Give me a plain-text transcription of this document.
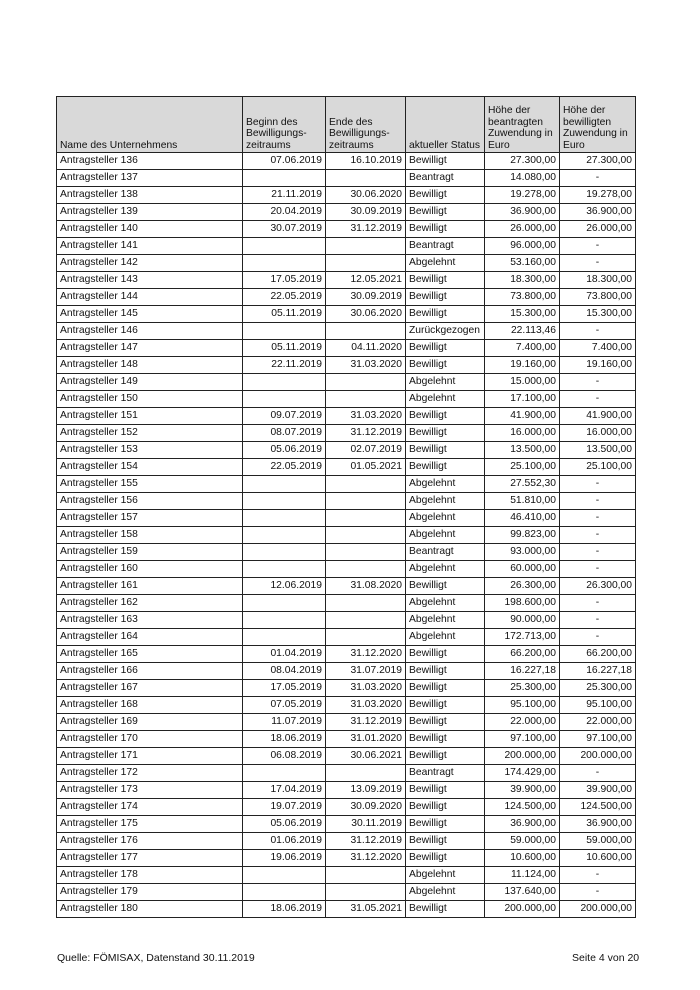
Name des Unternehmens	Beginn des
Bewilligungs-
zeitraums	Ende des
Bewilligungs-
zeitraums	aktueller Status	Höhe der
beantragten
Zuwendung in
Euro	Höhe der
bewilligten
Zuwendung in
Euro

Antragsteller 136	07.06.2019	16.10.2019	Bewilligt	27.300,00	27.300,00
Antragsteller 137			Beantragt	14.080,00	-
Antragsteller 138	21.11.2019	30.06.2020	Bewilligt	19.278,00	19.278,00
Antragsteller 139	20.04.2019	30.09.2019	Bewilligt	36.900,00	36.900,00
Antragsteller 140	30.07.2019	31.12.2019	Bewilligt	26.000,00	26.000,00
Antragsteller 141			Beantragt	96.000,00	-
Antragsteller 142			Abgelehnt	53.160,00	-
Antragsteller 143	17.05.2019	12.05.2021	Bewilligt	18.300,00	18.300,00
Antragsteller 144	22.05.2019	30.09.2019	Bewilligt	73.800,00	73.800,00
Antragsteller 145	05.11.2019	30.06.2020	Bewilligt	15.300,00	15.300,00
Antragsteller 146			Zurückgezogen	22.113,46	-
Antragsteller 147	05.11.2019	04.11.2020	Bewilligt	7.400,00	7.400,00
Antragsteller 148	22.11.2019	31.03.2020	Bewilligt	19.160,00	19.160,00
Antragsteller 149			Abgelehnt	15.000,00	-
Antragsteller 150			Abgelehnt	17.100,00	-
Antragsteller 151	09.07.2019	31.03.2020	Bewilligt	41.900,00	41.900,00
Antragsteller 152	08.07.2019	31.12.2019	Bewilligt	16.000,00	16.000,00
Antragsteller 153	05.06.2019	02.07.2019	Bewilligt	13.500,00	13.500,00
Antragsteller 154	22.05.2019	01.05.2021	Bewilligt	25.100,00	25.100,00
Antragsteller 155			Abgelehnt	27.552,30	-
Antragsteller 156			Abgelehnt	51.810,00	-
Antragsteller 157			Abgelehnt	46.410,00	-
Antragsteller 158			Abgelehnt	99.823,00	-
Antragsteller 159			Beantragt	93.000,00	-
Antragsteller 160			Abgelehnt	60.000,00	-
Antragsteller 161	12.06.2019	31.08.2020	Bewilligt	26.300,00	26.300,00
Antragsteller 162			Abgelehnt	198.600,00	-
Antragsteller 163			Abgelehnt	90.000,00	-
Antragsteller 164			Abgelehnt	172.713,00	-
Antragsteller 165	01.04.2019	31.12.2020	Bewilligt	66.200,00	66.200,00
Antragsteller 166	08.04.2019	31.07.2019	Bewilligt	16.227,18	16.227,18
Antragsteller 167	17.05.2019	31.03.2020	Bewilligt	25.300,00	25.300,00
Antragsteller 168	07.05.2019	31.03.2020	Bewilligt	95.100,00	95.100,00
Antragsteller 169	11.07.2019	31.12.2019	Bewilligt	22.000,00	22.000,00
Antragsteller 170	18.06.2019	31.01.2020	Bewilligt	97.100,00	97.100,00
Antragsteller 171	06.08.2019	30.06.2021	Bewilligt	200.000,00	200.000,00
Antragsteller 172			Beantragt	174.429,00	-
Antragsteller 173	17.04.2019	13.09.2019	Bewilligt	39.900,00	39.900,00
Antragsteller 174	19.07.2019	30.09.2020	Bewilligt	124.500,00	124.500,00
Antragsteller 175	05.06.2019	30.11.2019	Bewilligt	36.900,00	36.900,00
Antragsteller 176	01.06.2019	31.12.2019	Bewilligt	59.000,00	59.000,00
Antragsteller 177	19.06.2019	31.12.2020	Bewilligt	10.600,00	10.600,00
Antragsteller 178			Abgelehnt	11.124,00	-
Antragsteller 179			Abgelehnt	137.640,00	-
Antragsteller 180	18.06.2019	31.05.2021	Bewilligt	200.000,00	200.000,00
Quelle: FÖMISAX, Datenstand 30.11.2019	Seite 4 von 20
